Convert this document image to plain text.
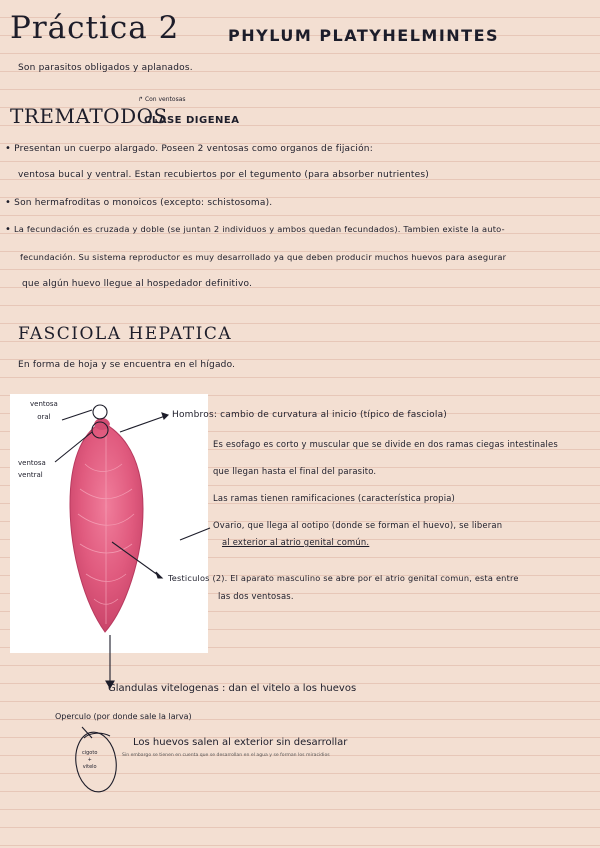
Práctica 2	PHYLUM PLATYHELMINTES
Son parasitos obligados y aplanados.
↱ Con ventosas
TREMATODOS
CLASE DIGENEA
• Presentan un cuerpo alargado. Poseen 2 ventosas como organos de fijación:
ventosa bucal y ventral. Estan recubiertos por el tegumento (para absorber nutrientes)
• Son hermafroditas o monoicos (excepto: schistosoma).
• La fecundación es cruzada y doble (se juntan 2 individuos y ambos quedan fecundados). Tambien existe la auto-
fecundación. Su sistema reproductor es muy desarrollado ya que deben producir muchos huevos para asegurar
que algún huevo llegue al hospedador definitivo.
FASCIOLA HEPATICA
En forma de hoja y se encuentra en el hígado.
ventosa
oral
ventosa
ventral
Hombros: cambio de curvatura al inicio (típico de fasciola)
Es esofago es corto y muscular que se divide en dos ramas ciegas intestinales
que llegan hasta el final del parasito.
Las ramas tienen ramificaciones (característica propia)
Ovario, que llega al ootipo (donde se forman el huevo), se liberan
al exterior al atrio genital común.
Testiculos (2). El aparato masculino se abre por el atrio genital comun, esta entre
las dos ventosas.
Glandulas vitelogenas : dan el vitelo a los huevos
Operculo (por donde sale la larva)
Los huevos salen al exterior sin desarrollar
Sin embargo se tienen en cuenta que se desarrollan en el agua y se forman los miracidios
cigoto
+
vitelo
